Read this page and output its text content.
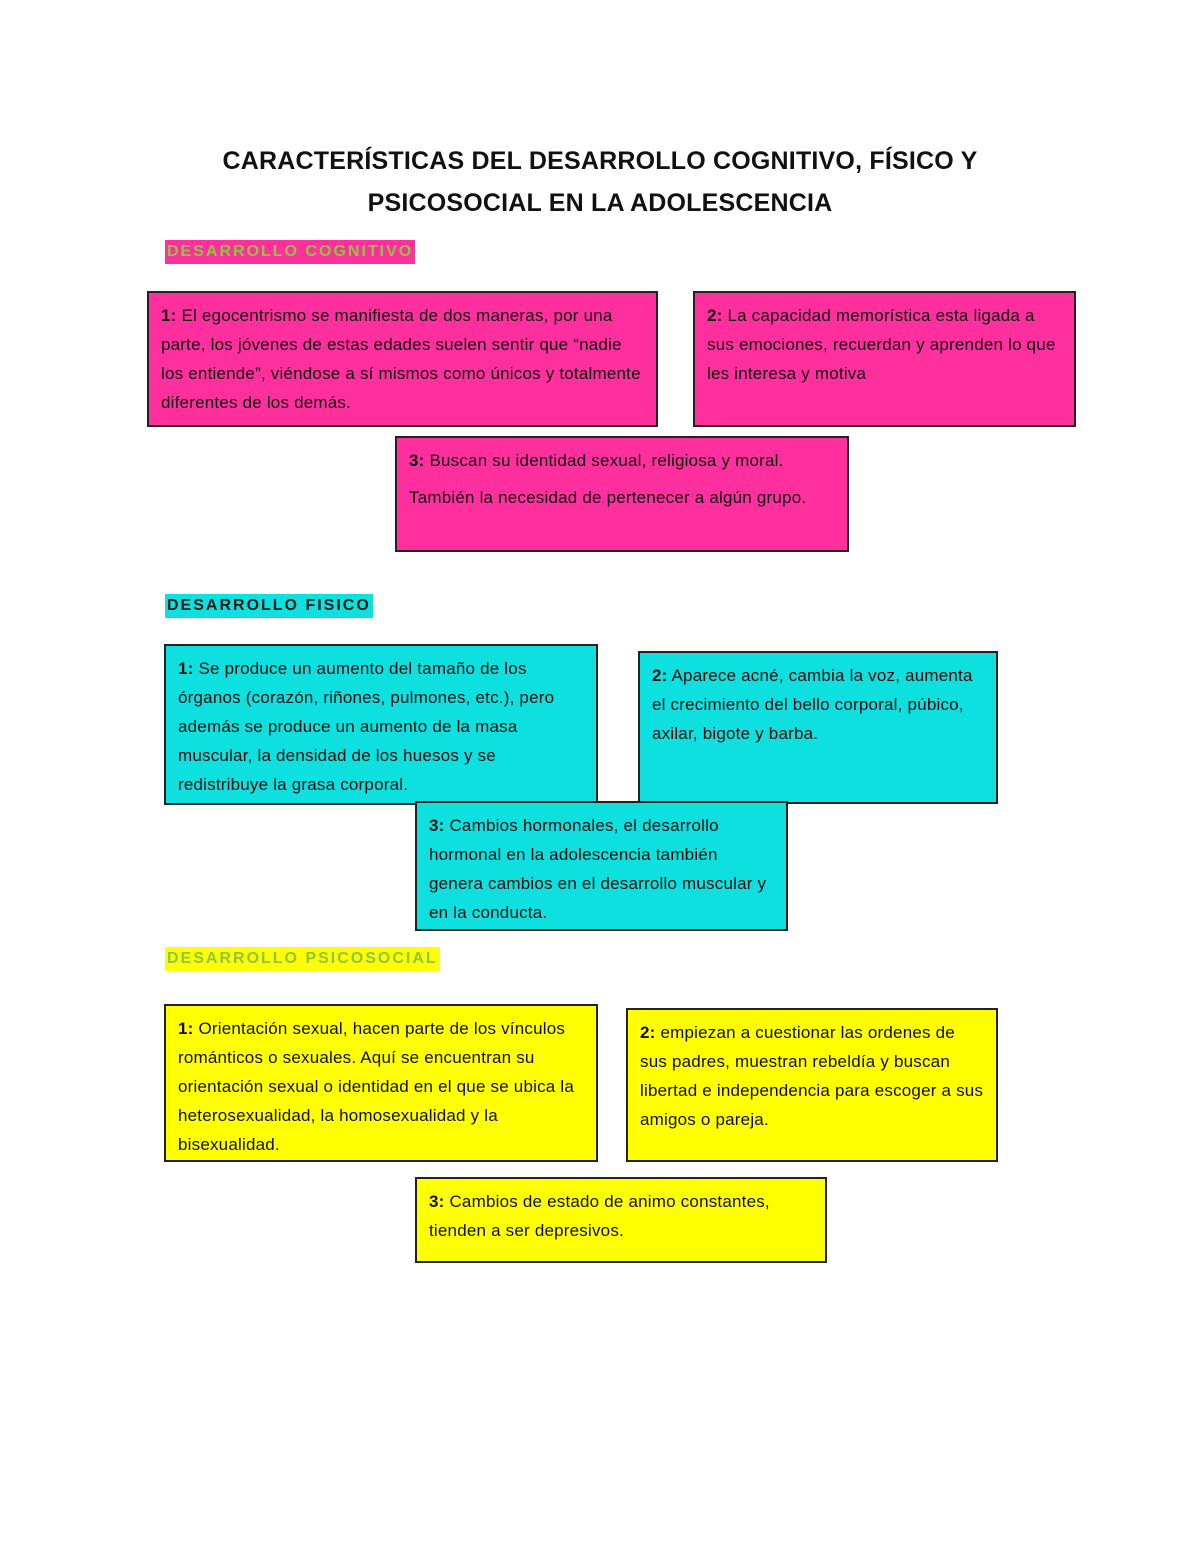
CARACTERÍSTICAS DEL DESARROLLO COGNITIVO, FÍSICO Y
PSICOSOCIAL EN LA ADOLESCENCIA
DESARROLLO COGNITIVO

1: El egocentrismo se manifiesta de dos maneras, por una parte, los jóvenes de estas edades suelen sentir que “nadie los entiende”, viéndose a sí mismos como únicos y totalmente diferentes de los demás.

2: La capacidad memorística esta ligada a sus emociones, recuerdan y aprenden lo que les interesa y motiva

3: Buscan su identidad sexual, religiosa y moral.

También la necesidad de pertenecer a algún grupo.

DESARROLLO FISICO

1: Se produce un aumento del tamaño de los órganos (corazón, riñones, pulmones, etc.), pero además se produce un aumento de la masa muscular, la densidad de los huesos y se redistribuye la grasa corporal.

2: Aparece acné, cambia la voz, aumenta el crecimiento del bello corporal, púbico, axilar, bigote y barba.

3: Cambios hormonales, el desarrollo hormonal en la adolescencia también genera cambios en el desarrollo muscular y en la conducta.

DESARROLLO PSICOSOCIAL

1: Orientación sexual, hacen parte de los vínculos románticos o sexuales. Aquí se encuentran su orientación sexual o identidad en el que se ubica la heterosexualidad, la homosexualidad y la bisexualidad.

2: empiezan a cuestionar las ordenes de sus padres, muestran rebeldía y buscan libertad e independencia para escoger a sus amigos o pareja.

3: Cambios de estado de animo constantes, tienden a ser depresivos.
